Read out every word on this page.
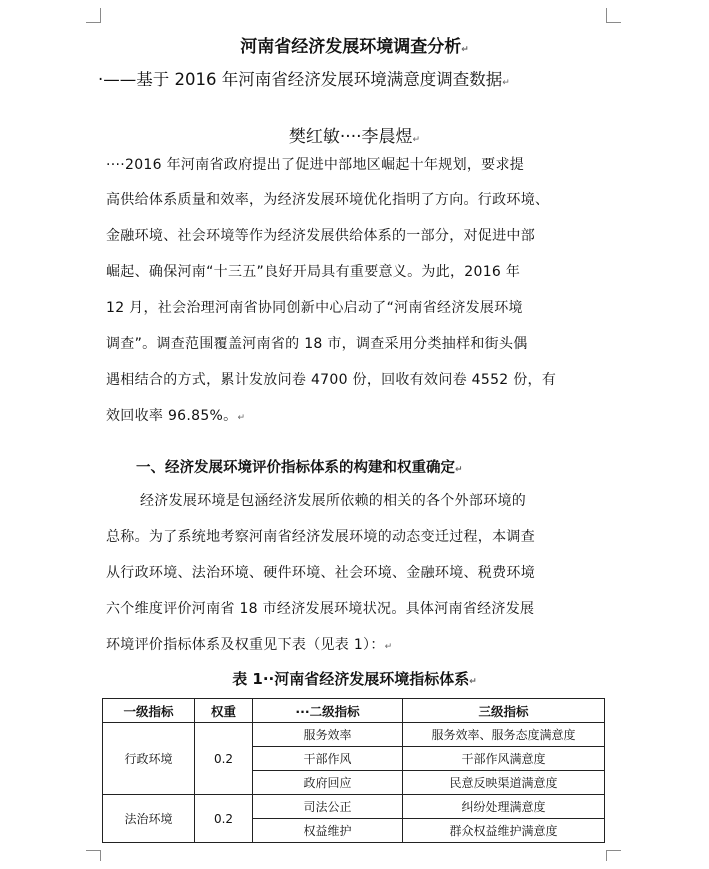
河南省经济发展环境调查分析↵
·——基于 2016 年河南省经济发展环境满意度调查数据↵
樊红敏····李晨煜↵
····2016 年河南省政府提出了促进中部地区崛起十年规划，要求提
高供给体系质量和效率，为经济发展环境优化指明了方向。行政环境、
金融环境、社会环境等作为经济发展供给体系的一部分，对促进中部
崛起、确保河南“十三五”良好开局具有重要意义。为此，2016 年
12 月，社会治理河南省协同创新中心启动了“河南省经济发展环境
调查”。调查范围覆盖河南省的 18 市，调查采用分类抽样和街头偶
遇相结合的方式，累计发放问卷 4700 份，回收有效问卷 4552 份，有
效回收率 96.85%。↵
一、经济发展环境评价指标体系的构建和权重确定↵
经济发展环境是包涵经济发展所依赖的相关的各个外部环境的
总称。为了系统地考察河南省经济发展环境的动态变迁过程，本调查
从行政环境、法治环境、硬件环境、社会环境、金融环境、税费环境
六个维度评价河南省 18 市经济发展环境状况。具体河南省经济发展
环境评价指标体系及权重见下表（见表 1）：↵
表 1··河南省经济发展环境指标体系↵
一级指标	权重	···二级指标	三级指标
行政环境	0.2	服务效率	服务效率、服务态度满意度
		干部作风	干部作风满意度
		政府回应	民意反映渠道满意度
法治环境	0.2	司法公正	纠纷处理满意度
		权益维护	群众权益维护满意度
